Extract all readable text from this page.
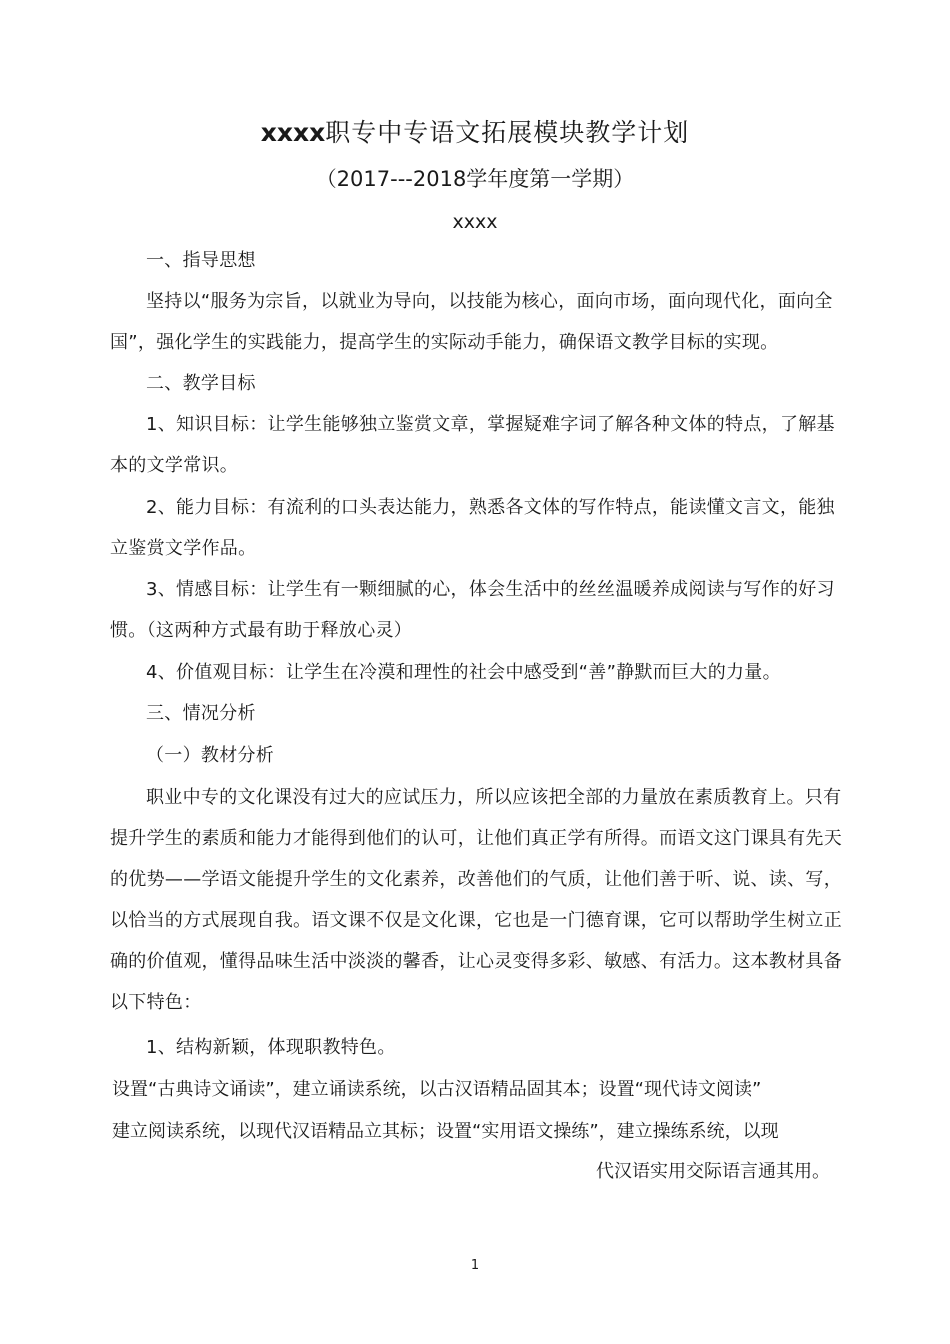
xxxx职专中专语文拓展模块教学计划
（2017---2018学年度第一学期）
xxxx
一、指导思想
坚持以“服务为宗旨，以就业为导向，以技能为核心，面向市场，面向现代化，面向全国”，强化学生的实践能力，提高学生的实际动手能力，确保语文教学目标的实现。
二、教学目标
1、知识目标：让学生能够独立鉴赏文章，掌握疑难字词了解各种文体的特点，了解基本的文学常识。
2、能力目标：有流利的口头表达能力，熟悉各文体的写作特点，能读懂文言文，能独立鉴赏文学作品。
3、情感目标：让学生有一颗细腻的心，体会生活中的丝丝温暖养成阅读与写作的好习惯。（这两种方式最有助于释放心灵）
4、价值观目标：让学生在冷漠和理性的社会中感受到“善”静默而巨大的力量。
三、情况分析
（一）教材分析
职业中专的文化课没有过大的应试压力，所以应该把全部的力量放在素质教育上。只有提升学生的素质和能力才能得到他们的认可，让他们真正学有所得。而语文这门课具有先天的优势——学语文能提升学生的文化素养，改善他们的气质，让他们善于听、说、读、写，以恰当的方式展现自我。语文课不仅是文化课，它也是一门德育课，它可以帮助学生树立正确的价值观，懂得品味生活中淡淡的馨香，让心灵变得多彩、敏感、有活力。这本教材具备以下特色：
1、结构新颖，体现职教特色。
设置“古典诗文诵读”，建立诵读系统，以古汉语精品固其本；设置“现代诗文阅读”
建立阅读系统，以现代汉语精品立其标；设置“实用语文操练”，建立操练系统，以现
代汉语实用交际语言通其用。
1
